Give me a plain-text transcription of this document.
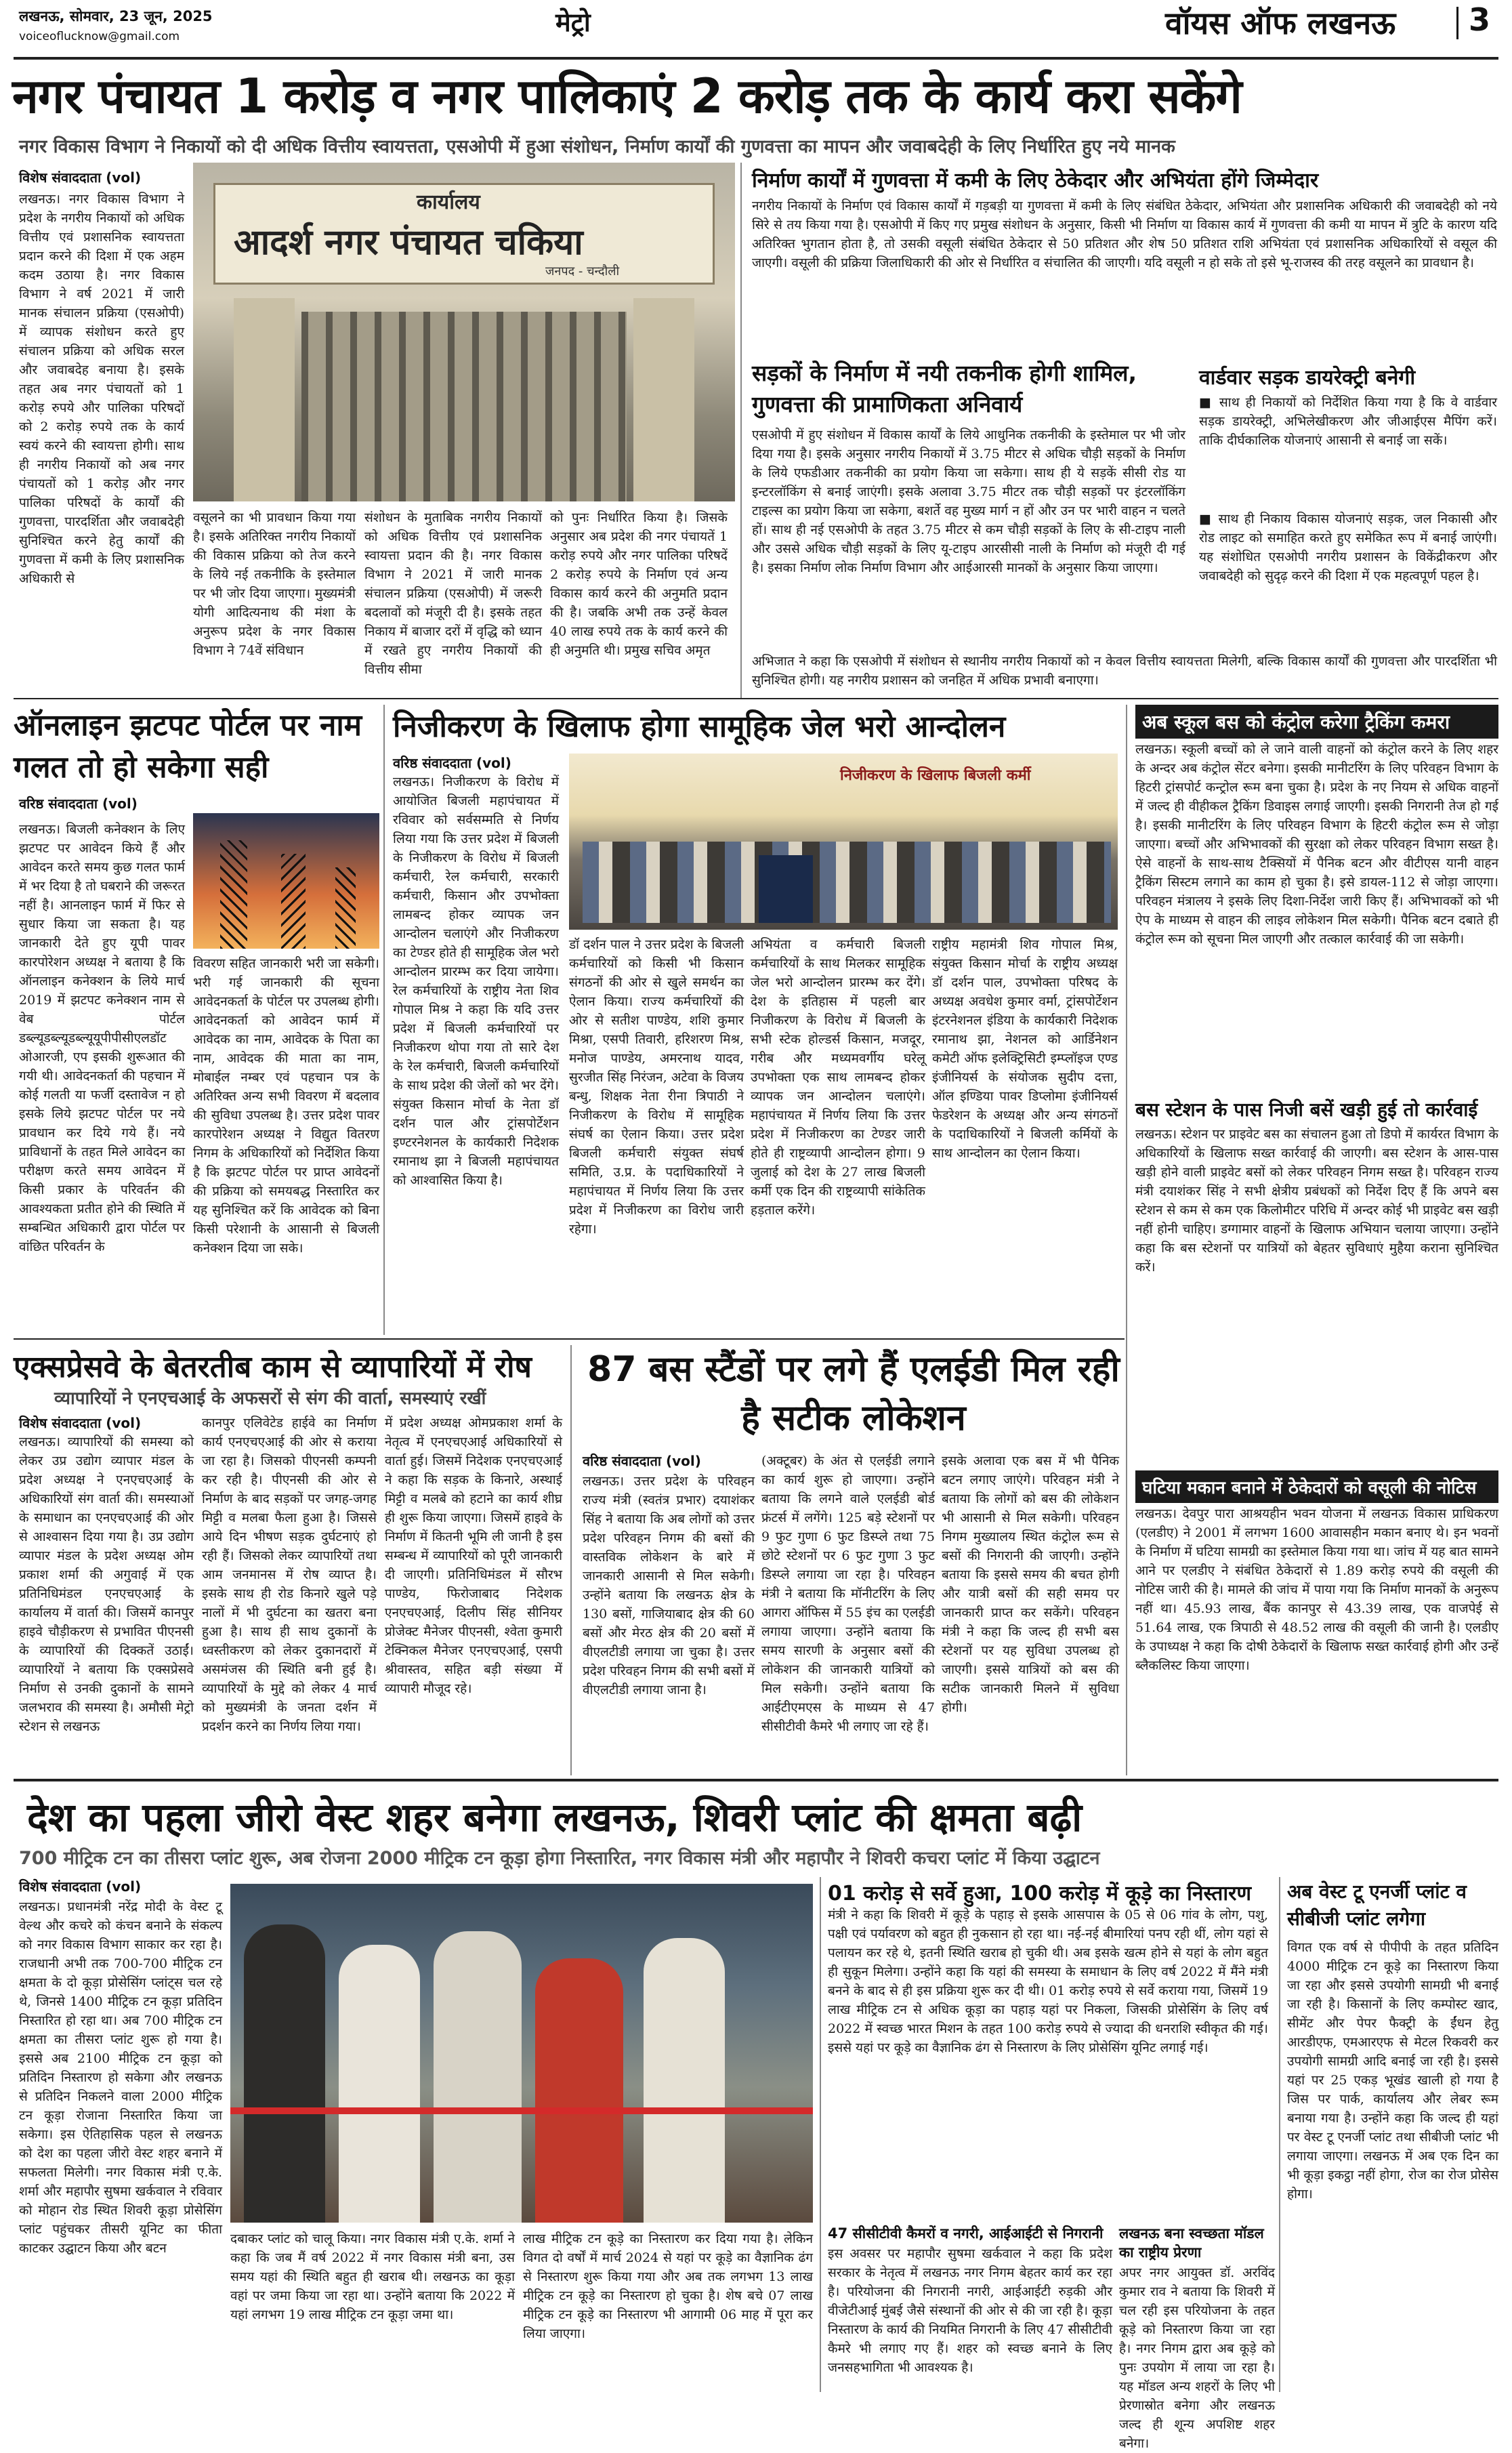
लखनऊ, सोमवार, 23 जून, 2025
voiceoflucknow@gmail.com	मेट्रो	वॉयस ऑफ लखनऊ 3
नगर पंचायत 1 करोड़ व नगर पालिकाएं 2 करोड़ तक के कार्य करा सकेंगे
नगर विकास विभाग ने निकायों को दी अधिक वित्तीय स्वायत्तता, एसओपी में हुआ संशोधन, निर्माण कार्यों की गुणवत्ता का मापन और जवाबदेही के लिए निर्धारित हुए नये मानक
विशेष संवाददाता (vol)
लखनऊ। नगर विकास विभाग ने प्रदेश के नगरीय निकायों को अधिक वित्तीय एवं प्रशासनिक स्वायत्तता प्रदान करने की दिशा में एक अहम कदम उठाया है। नगर विकास विभाग ने वर्ष 2021 में जारी मानक संचालन प्रक्रिया (एसओपी) में व्यापक संशोधन करते हुए संचालन प्रक्रिया को अधिक सरल और जवाबदेह बनाया है। इसके तहत अब नगर पंचायतों को 1 करोड़ रुपये और पालिका परिषदों को 2 करोड़ रुपये तक के कार्य स्वयं करने की स्वायत्ता होगी। साथ ही नगरीय निकायों को अब नगर पंचायतों को 1 करोड़ और नगर पालिका परिषदों के कार्यों की गुणवत्ता, पारदर्शिता और जवाबदेही सुनिश्चित करने हेतु कार्यों की गुणवत्ता में कमी के लिए प्रशासनिक अधिकारी से
कार्यालय
आदर्श नगर पंचायत चकिया
जनपद - चन्दौली
वसूलने का भी प्रावधान किया गया है। इसके अतिरिक्त नगरीय निकायों की विकास प्रक्रिया को तेज करने के लिये नई तकनीकि के इस्तेमाल पर भी जोर दिया जाएगा। मुख्यमंत्री योगी आदित्यनाथ की मंशा के अनुरूप प्रदेश के नगर विकास विभाग ने 74वें संविधान
संशोधन के मुताबिक नगरीय निकायों को अधिक वित्तीय एवं प्रशासनिक स्वायत्ता प्रदान की है। नगर विकास विभाग ने 2021 में जारी मानक संचालन प्रक्रिया (एसओपी) में जरूरी बदलावों को मंजूरी दी है। इसके तहत निकाय में बाजार दरों में वृद्धि को ध्यान में रखते हुए नगरीय निकायों की वित्तीय सीमा
को पुनः निर्धारित किया है। जिसके अनुसार अब प्रदेश की नगर पंचायतें 1 करोड़ रुपये और नगर पालिका परिषदें 2 करोड़ रुपये के निर्माण एवं अन्य विकास कार्य करने की अनुमति प्रदान की है। जबकि अभी तक उन्हें केवल 40 लाख रुपये तक के कार्य करने की ही अनुमति थी। प्रमुख सचिव अमृत
निर्माण कार्यों में गुणवत्ता में कमी के लिए ठेकेदार और अभियंता होंगे जिम्मेदार
नगरीय निकायों के निर्माण एवं विकास कार्यों में गड़बड़ी या गुणवत्ता में कमी के लिए संबंधित ठेकेदार, अभियंता और प्रशासनिक अधिकारी की जवाबदेही को नये सिरे से तय किया गया है। एसओपी में किए गए प्रमुख संशोधन के अनुसार, किसी भी निर्माण या विकास कार्य में गुणवत्ता की कमी या मापन में त्रुटि के कारण यदि अतिरिक्त भुगतान होता है, तो उसकी वसूली संबंधित ठेकेदार से 50 प्रतिशत और शेष 50 प्रतिशत राशि अभियंता एवं प्रशासनिक अधिकारियों से वसूल की जाएगी। वसूली की प्रक्रिया जिलाधिकारी की ओर से निर्धारित व संचालित की जाएगी। यदि वसूली न हो सके तो इसे भू-राजस्व की तरह वसूलने का प्रावधान है।
सड़कों के निर्माण में नयी तकनीक होगी शामिल, गुणवत्ता की प्रामाणिकता अनिवार्य
एसओपी में हुए संशोधन में विकास कार्यों के लिये आधुनिक तकनीकी के इस्तेमाल पर भी जोर दिया गया है। इसके अनुसार नगरीय निकायों में 3.75 मीटर से अधिक चौड़ी सड़कों के निर्माण के लिये एफडीआर तकनीकी का प्रयोग किया जा सकेगा। साथ ही ये सड़कें सीसी रोड या इन्टरलॉकिंग से बनाई जाएंगी। इसके अलावा 3.75 मीटर तक चौड़ी सड़कों पर इंटरलॉकिंग टाइल्स का प्रयोग किया जा सकेगा, बशर्ते वह मुख्य मार्ग न हों और उन पर भारी वाहन न चलते हों। साथ ही नई एसओपी के तहत 3.75 मीटर से कम चौड़ी सड़कों के लिए के सी-टाइप नाली और उससे अधिक चौड़ी सड़कों के लिए यू-टाइप आरसीसी नाली के निर्माण को मंजूरी दी गई है। इसका निर्माण लोक निर्माण विभाग और आईआरसी मानकों के अनुसार किया जाएगा।
वार्डवार सड़क डायरेक्ट्री बनेगी
■ साथ ही निकायों को निर्देशित किया गया है कि वे वार्डवार सड़क डायरेक्ट्री, अभिलेखीकरण और जीआईएस मैपिंग करें। ताकि दीर्घकालिक योजनाएं आसानी से बनाई जा सकें।
■ साथ ही निकाय विकास योजनाएं सड़क, जल निकासी और रोड लाइट को समाहित करते हुए समेकित रूप में बनाई जाएंगी। यह संशोधित एसओपी नगरीय प्रशासन के विकेंद्रीकरण और जवाबदेही को सुदृढ़ करने की दिशा में एक महत्वपूर्ण पहल है।
अभिजात ने कहा कि एसओपी में संशोधन से स्थानीय नगरीय निकायों को न केवल वित्तीय स्वायत्तता मिलेगी, बल्कि विकास कार्यों की गुणवत्ता और पारदर्शिता भी सुनिश्चित होगी। यह नगरीय प्रशासन को जनहित में अधिक प्रभावी बनाएगा।
ऑनलाइन झटपट पोर्टल पर नाम गलत तो हो सकेगा सही
वरिष्ठ संवाददाता (vol)
लखनऊ। बिजली कनेक्शन के लिए झटपट पर आवेदन किये हैं और आवेदन करते समय कुछ गलत फार्म में भर दिया है तो घबराने की जरूरत नहीं है। आनलाइन फार्म में फिर से सुधार किया जा सकता है। यह जानकारी देते हुए यूपी पावर कारपोरेशन अध्यक्ष ने बताया है कि ऑनलाइन कनेक्शन के लिये मार्च 2019 में झटपट कनेक्शन नाम से वेब पोर्टल डब्ल्यूडब्ल्यूडब्ल्यूयूपीपीसीएलडॉट ओआरजी, एप इसकी शुरूआत की गयी थी। आवेदनकर्ता की पहचान में कोई गलती या फर्जी दस्तावेज न हो इसके लिये झटपट पोर्टल पर नये प्रावधान कर दिये गये हैं। नये प्राविधानों के तहत मिले आवेदन का परीक्षण करते समय आवेदन में किसी प्रकार के परिवर्तन की आवश्यकता प्रतीत होने की स्थिति में सम्बन्धित अधिकारी द्वारा पोर्टल पर वांछित परिवर्तन के
विवरण सहित जानकारी भरी जा सकेगी। भरी गई जानकारी की सूचना आवेदनकर्ता के पोर्टल पर उपलब्ध होगी। आवेदनकर्ता को आवेदन फार्म में आवेदक का नाम, आवेदक के पिता का नाम, आवेदक की माता का नाम, मोबाईल नम्बर एवं पहचान पत्र के अतिरिक्त अन्य सभी विवरण में बदलाव की सुविधा उपलब्ध है। उत्तर प्रदेश पावर कारपोरेशन अध्यक्ष ने विद्युत वितरण निगम के अधिकारियों को निर्देशित किया है कि झटपट पोर्टल पर प्राप्त आवेदनों की प्रक्रिया को समयबद्ध निस्तारित कर यह सुनिश्चित करें कि आवेदक को बिना किसी परेशानी के आसानी से बिजली कनेक्शन दिया जा सके।
निजीकरण के खिलाफ होगा सामूहिक जेल भरो आन्दोलन
वरिष्ठ संवाददाता (vol)
लखनऊ। निजीकरण के विरोध में आयोजित बिजली महापंचायत में रविवार को सर्वसम्मति से निर्णय लिया गया कि उत्तर प्रदेश में बिजली के निजीकरण के विरोध में बिजली कर्मचारी, रेल कर्मचारी, सरकारी कर्मचारी, किसान और उपभोक्ता लामबन्द होकर व्यापक जन आन्दोलन चलाएंगे और निजीकरण का टेण्डर होते ही सामूहिक जेल भरो आन्दोलन प्रारम्भ कर दिया जायेगा। रेल कर्मचारियों के राष्ट्रीय नेता शिव गोपाल मिश्र ने कहा कि यदि उत्तर प्रदेश में बिजली कर्मचारियों पर निजीकरण थोपा गया तो सारे देश के रेल कर्मचारी, बिजली कर्मचारियों के साथ प्रदेश की जेलों को भर देंगे। संयुक्त किसान मोर्चा के नेता डॉ दर्शन पाल और ट्रांसपोर्टेशन इण्टरनेशनल के कार्यकारी निदेशक रमानाथ झा ने बिजली महापंचायत को आश्वासित किया है।
निजीकरण के खिलाफ बिजली कर्मी
डॉ दर्शन पाल ने उत्तर प्रदेश के बिजली कर्मचारियों को किसी भी किसान संगठनों की ओर से खुले समर्थन का ऐलान किया। राज्य कर्मचारियों की ओर से सतीश पाण्डेय, शशि कुमार मिश्रा, एसपी तिवारी, हरिशरण मिश्र, मनोज पाण्डेय, अमरनाथ यादव, सुरजीत सिंह निरंजन, अटेवा के विजय बन्धु, शिक्षक नेता रीना त्रिपाठी ने निजीकरण के विरोध में सामूहिक संघर्ष का ऐलान किया। उत्तर प्रदेश बिजली कर्मचारी संयुक्त संघर्ष समिति, उ.प्र. के पदाधिकारियों ने महापंचायत में निर्णय लिया कि उत्तर प्रदेश में निजीकरण का विरोध जारी रहेगा।
अभियंता व कर्मचारी बिजली कर्मचारियों के साथ मिलकर सामूहिक जेल भरो आन्दोलन प्रारम्भ कर देंगे। देश के इतिहास में पहली बार निजीकरण के विरोध में बिजली के सभी स्टेक होल्डर्स किसान, मजदूर, गरीब और मध्यमवर्गीय घरेलू उपभोक्ता एक साथ लामबन्द होकर व्यापक जन आन्दोलन चलाएंगे। महापंचायत में निर्णय लिया कि उत्तर प्रदेश में निजीकरण का टेण्डर जारी होते ही राष्ट्रव्यापी आन्दोलन होगा। 9 जुलाई को देश के 27 लाख बिजली कर्मी एक दिन की राष्ट्रव्यापी सांकेतिक हड़ताल करेंगे।
राष्ट्रीय महामंत्री शिव गोपाल मिश्र, संयुक्त किसान मोर्चा के राष्ट्रीय अध्यक्ष डॉ दर्शन पाल, उपभोक्ता परिषद के अध्यक्ष अवधेश कुमार वर्मा, ट्रांसपोर्टेशन इंटरनेशनल इंडिया के कार्यकारी निदेशक रमानाथ झा, नेशनल को आर्डिनेशन कमेटी ऑफ इलेक्ट्रिसिटी इम्प्लॉइज एण्ड इंजीनियर्स के संयोजक सुदीप दत्ता, ऑल इण्डिया पावर डिप्लोमा इंजीनियर्स फेडरेशन के अध्यक्ष और अन्य संगठनों के पदाधिकारियों ने बिजली कर्मियों के साथ आन्दोलन का ऐलान किया।
अब स्कूल बस को कंट्रोल करेगा ट्रैकिंग कमरा
लखनऊ। स्कूली बच्चों को ले जाने वाली वाहनों को कंट्रोल करने के लिए शहर के अन्दर अब कंट्रोल सेंटर बनेगा। इसकी मानीटरिंग के लिए परिवहन विभाग के हिटरी ट्रांसपोर्ट कन्ट्रोल रूम बना चुका है। प्रदेश के नए नियम से अधिक वाहनों में जल्द ही वीहीकल ट्रैकिंग डिवाइस लगाई जाएगी। इसकी निगरानी तेज हो गई है। इसकी मानीटरिंग के लिए परिवहन विभाग के हिटरी कंट्रोल रूम से जोड़ा जाएगा। बच्चों और अभिभावकों की सुरक्षा को लेकर परिवहन विभाग सख्त है। ऐसे वाहनों के साथ-साथ टैक्सियों में पैनिक बटन और वीटीएस यानी वाहन ट्रैकिंग सिस्टम लगाने का काम हो चुका है। इसे डायल-112 से जोड़ा जाएगा। परिवहन मंत्रालय ने इसके लिए दिशा-निर्देश जारी किए हैं। अभिभावकों को भी ऐप के माध्यम से वाहन की लाइव लोकेशन मिल सकेगी। पैनिक बटन दबाते ही कंट्रोल रूम को सूचना मिल जाएगी और तत्काल कार्रवाई की जा सकेगी।
बस स्टेशन के पास निजी बसें खड़ी हुई तो कार्रवाई
लखनऊ। स्टेशन पर प्राइवेट बस का संचालन हुआ तो डिपो में कार्यरत विभाग के अधिकारियों के खिलाफ सख्त कार्रवाई की जाएगी। बस स्टेशन के आस-पास खड़ी होने वाली प्राइवेट बसों को लेकर परिवहन निगम सख्त है। परिवहन राज्य मंत्री दयाशंकर सिंह ने सभी क्षेत्रीय प्रबंधकों को निर्देश दिए हैं कि अपने बस स्टेशन से कम से कम एक किलोमीटर परिधि में अन्दर कोई भी प्राइवेट बस खड़ी नहीं होनी चाहिए। डग्गामार वाहनों के खिलाफ अभियान चलाया जाएगा। उन्होंने कहा कि बस स्टेशनों पर यात्रियों को बेहतर सुविधाएं मुहैया कराना सुनिश्चित करें।
घटिया मकान बनाने में ठेकेदारों को वसूली की नोटिस
लखनऊ। देवपुर पारा आश्रयहीन भवन योजना में लखनऊ विकास प्राधिकरण (एलडीए) ने 2001 में लगभग 1600 आवासहीन मकान बनाए थे। इन भवनों के निर्माण में घटिया सामग्री का इस्तेमाल किया गया था। जांच में यह बात सामने आने पर एलडीए ने संबंधित ठेकेदारों से 1.89 करोड़ रुपये की वसूली की नोटिस जारी की है। मामले की जांच में पाया गया कि निर्माण मानकों के अनुरूप नहीं था। 45.93 लाख, बैंक कानपुर से 43.39 लाख, एक वाजपेई से 51.64 लाख, एक त्रिपाठी से 48.52 लाख की वसूली की जानी है। एलडीए के उपाध्यक्ष ने कहा कि दोषी ठेकेदारों के खिलाफ सख्त कार्रवाई होगी और उन्हें ब्लैकलिस्ट किया जाएगा।
एक्सप्रेसवे के बेतरतीब काम से व्यापारियों में रोष
व्यापारियों ने एनएचआई के अफसरों से संग की वार्ता, समस्याएं रखीं
विशेष संवाददाता (vol)
लखनऊ। व्यापारियों की समस्या को लेकर उप्र उद्योग व्यापार मंडल के प्रदेश अध्यक्ष ने एनएचएआई के अधिकारियों संग वार्ता की। समस्याओं के समाधान का एनएचएआई की ओर से आश्वासन दिया गया है। उप्र उद्योग व्यापार मंडल के प्रदेश अध्यक्ष ओम प्रकाश शर्मा की अगुवाई में एक प्रतिनिधिमंडल एनएचएआई के कार्यालय में वार्ता की। जिसमें कानपुर हाइवे चौड़ीकरण से प्रभावित पीएनसी के व्यापारियों की दिक्कतें उठाईं। व्यापारियों ने बताया कि एक्सप्रेसवे निर्माण से उनकी दुकानों के सामने जलभराव की समस्या है। अमौसी मेट्रो स्टेशन से लखनऊ
कानपुर एलिवेटेड हाईवे का निर्माण कार्य एनएचएआई की ओर से कराया जा रहा है। जिसको पीएनसी कम्पनी कर रही है। पीएनसी की ओर से निर्माण के बाद सड़कों पर जगह-जगह मिट्टी व मलबा फैला हुआ है। जिससे आये दिन भीषण सड़क दुर्घटनाएं हो रही हैं। जिसको लेकर व्यापारियों तथा आम जनमानस में रोष व्याप्त है। इसके साथ ही रोड किनारे खुले पड़े नालों में भी दुर्घटना का खतरा बना हुआ है। साथ ही साथ दुकानों के ध्वस्तीकरण को लेकर दुकानदारों में असमंजस की स्थिति बनी हुई है। व्यापारियों के मुद्दे को लेकर 4 मार्च को मुख्यमंत्री के जनता दर्शन में प्रदर्शन करने का निर्णय लिया गया।
में प्रदेश अध्यक्ष ओमप्रकाश शर्मा के नेतृत्व में एनएचएआई अधिकारियों से वार्ता हुई। जिसमें निदेशक एनएचएआई ने कहा कि सड़क के किनारे, अस्थाई मिट्टी व मलबे को हटाने का कार्य शीघ्र ही शुरू किया जाएगा। जिसमें हाइवे के निर्माण में कितनी भूमि ली जानी है इस सम्बन्ध में व्यापारियों को पूरी जानकारी दी जाएगी। प्रतिनिधिमंडल में सौरभ पाण्डेय, फिरोजाबाद निदेशक एनएचएआई, दिलीप सिंह सीनियर प्रोजेक्ट मैनेजर पीएनसी, श्वेता कुमारी टेक्निकल मैनेजर एनएचएआई, एसपी श्रीवास्तव, सहित बड़ी संख्या में व्यापारी मौजूद रहे।
87 बस स्टैंडों पर लगे हैं एलईडी मिल रही है सटीक लोकेशन
वरिष्ठ संवाददाता (vol)
लखनऊ। उत्तर प्रदेश के परिवहन राज्य मंत्री (स्वतंत्र प्रभार) दयाशंकर सिंह ने बताया कि अब लोगों को उत्तर प्रदेश परिवहन निगम की बसों की वास्तविक लोकेशन के बारे में जानकारी आसानी से मिल सकेगी। उन्होंने बताया कि लखनऊ क्षेत्र के 130 बसों, गाजियाबाद क्षेत्र की 60 बसों और मेरठ क्षेत्र की 20 बसों में वीएलटीडी लगाया जा चुका है। उत्तर प्रदेश परिवहन निगम की सभी बसों में वीएलटीडी लगाया जाना है।
(अक्टूबर) के अंत से एलईडी लगाने का कार्य शुरू हो जाएगा। उन्होंने बताया कि लगने वाले एलईडी बोर्ड फ्रंटर्स में लगेंगे। 125 बड़े स्टेशनों पर 9 फुट गुणा 6 फुट डिस्प्ले तथा 75 छोटे स्टेशनों पर 6 फुट गुणा 3 फुट डिस्प्ले लगाया जा रहा है। परिवहन मंत्री ने बताया कि मॉनीटरिंग के लिए आगरा ऑफिस में 55 इंच का एलईडी लगाया जाएगा। उन्होंने बताया कि समय सारणी के अनुसार बसों की लोकेशन की जानकारी यात्रियों को मिल सकेगी। उन्होंने बताया कि आईटीएमएस के माध्यम से 47 सीसीटीवी कैमरे भी लगाए जा रहे हैं।
इसके अलावा एक बस में भी पैनिक बटन लगाए जाएंगे। परिवहन मंत्री ने बताया कि लोगों को बस की लोकेशन भी आसानी से मिल सकेगी। परिवहन निगम मुख्यालय स्थित कंट्रोल रूम से बसों की निगरानी की जाएगी। उन्होंने बताया कि इससे समय की बचत होगी और यात्री बसों की सही समय पर जानकारी प्राप्त कर सकेंगे। परिवहन मंत्री ने कहा कि जल्द ही सभी बस स्टेशनों पर यह सुविधा उपलब्ध हो जाएगी। इससे यात्रियों को बस की सटीक जानकारी मिलने में सुविधा होगी।
देश का पहला जीरो वेस्ट शहर बनेगा लखनऊ, शिवरी प्लांट की क्षमता बढ़ी
700 मीट्रिक टन का तीसरा प्लांट शुरू, अब रोजना 2000 मीट्रिक टन कूड़ा होगा निस्तारित, नगर विकास मंत्री और महापौर ने शिवरी कचरा प्लांट में किया उद्घाटन
विशेष संवाददाता (vol)
लखनऊ। प्रधानमंत्री नरेंद्र मोदी के वेस्ट टू वेल्थ और कचरे को कंचन बनाने के संकल्प को नगर विकास विभाग साकार कर रहा है। राजधानी अभी तक 700-700 मीट्रिक टन क्षमता के दो कूड़ा प्रोसेसिंग प्लांट्स चल रहे थे, जिनसे 1400 मीट्रिक टन कूड़ा प्रतिदिन निस्तारित हो रहा था। अब 700 मीट्रिक टन क्षमता का तीसरा प्लांट शुरू हो गया है। इससे अब 2100 मीट्रिक टन कूड़ा को प्रतिदिन निस्तारण हो सकेगा और लखनऊ से प्रतिदिन निकलने वाला 2000 मीट्रिक टन कूड़ा रोजाना निस्तारित किया जा सकेगा। इस ऐतिहासिक पहल से लखनऊ को देश का पहला जीरो वेस्ट शहर बनाने में सफलता मिलेगी। नगर विकास मंत्री ए.के. शर्मा और महापौर सुषमा खर्कवाल ने रविवार को मोहान रोड स्थित शिवरी कूड़ा प्रोसेसिंग प्लांट पहुंचकर तीसरी यूनिट का फीता काटकर उद्घाटन किया और बटन
दबाकर प्लांट को चालू किया। नगर विकास मंत्री ए.के. शर्मा ने कहा कि जब मैं वर्ष 2022 में नगर विकास मंत्री बना, उस समय यहां की स्थिति बहुत ही खराब थी। लखनऊ का कूड़ा वहां पर जमा किया जा रहा था। उन्होंने बताया कि 2022 में यहां लगभग 19 लाख मीट्रिक टन कूड़ा जमा था।
लाख मीट्रिक टन कूड़े का निस्तारण कर दिया गया है। लेकिन विगत दो वर्षों में मार्च 2024 से यहां पर कूड़े का वैज्ञानिक ढंग से निस्तारण शुरू किया गया और अब तक लगभग 13 लाख मीट्रिक टन कूड़े का निस्तारण हो चुका है। शेष बचे 07 लाख मीट्रिक टन कूड़े का निस्तारण भी आगामी 06 माह में पूरा कर लिया जाएगा।
01 करोड़ से सर्वे हुआ, 100 करोड़ में कूड़े का निस्तारण
मंत्री ने कहा कि शिवरी में कूड़े के पहाड़ से इसके आसपास के 05 से 06 गांव के लोग, पशु, पक्षी एवं पर्यावरण को बहुत ही नुकसान हो रहा था। नई-नई बीमारियां पनप रही थीं, लोग यहां से पलायन कर रहे थे, इतनी स्थिति खराब हो चुकी थी। अब इसके खत्म होने से यहां के लोग बहुत ही सुकून मिलेगा। उन्होंने कहा कि यहां की समस्या के समाधान के लिए वर्ष 2022 में मैंने मंत्री बनने के बाद से ही इस प्रक्रिया शुरू कर दी थी। 01 करोड़ रुपये से सर्वे कराया गया, जिसमें 19 लाख मीट्रिक टन से अधिक कूड़ा का पहाड़ यहां पर निकला, जिसकी प्रोसेसिंग के लिए वर्ष 2022 में स्वच्छ भारत मिशन के तहत 100 करोड़ रुपये से ज्यादा की धनराशि स्वीकृत की गई। इससे यहां पर कूड़े का वैज्ञानिक ढंग से निस्तारण के लिए प्रोसेसिंग यूनिट लगाई गई।
47 सीसीटीवी कैमरों व नगरी, आईआईटी से निगरानी
इस अवसर पर महापौर सुषमा खर्कवाल ने कहा कि प्रदेश सरकार के नेतृत्व में लखनऊ नगर निगम बेहतर कार्य कर रहा है। परियोजना की निगरानी नगरी, आईआईटी रुड़की और वीजेटीआई मुंबई जैसे संस्थानों की ओर से की जा रही है। कूड़ा निस्तारण के कार्य की नियमित निगरानी के लिए 47 सीसीटीवी कैमरे भी लगाए गए हैं। शहर को स्वच्छ बनाने के लिए जनसहभागिता भी आवश्यक है।
लखनऊ बना स्वच्छता मॉडल का राष्ट्रीय प्रेरणा
अपर नगर आयुक्त डॉ. अरविंद कुमार राव ने बताया कि शिवरी में चल रही इस परियोजना के तहत कूड़े को निस्तारण किया जा रहा है। नगर निगम द्वारा अब कूड़े को पुनः उपयोग में लाया जा रहा है। यह मॉडल अन्य शहरों के लिए भी प्रेरणास्रोत बनेगा और लखनऊ जल्द ही शून्य अपशिष्ट शहर बनेगा।
अब वेस्ट टू एनर्जी प्लांट व सीबीजी प्लांट लगेगा
विगत एक वर्ष से पीपीपी के तहत प्रतिदिन 4000 मीट्रिक टन कूड़े का निस्तारण किया जा रहा और इससे उपयोगी सामग्री भी बनाई जा रही है। किसानों के लिए कम्पोस्ट खाद, सीमेंट और पेपर फैक्ट्री के ईंधन हेतु आरडीएफ, एमआरएफ से मेटल रिकवरी कर उपयोगी सामग्री आदि बनाई जा रही है। इससे यहां पर 25 एकड़ भूखंड खाली हो गया है जिस पर पार्क, कार्यालय और लेबर रूम बनाया गया है। उन्होंने कहा कि जल्द ही यहां पर वेस्ट टू एनर्जी प्लांट तथा सीबीजी प्लांट भी लगाया जाएगा। लखनऊ में अब एक दिन का भी कूड़ा इकट्ठा नहीं होगा, रोज का रोज प्रोसेस होगा।
